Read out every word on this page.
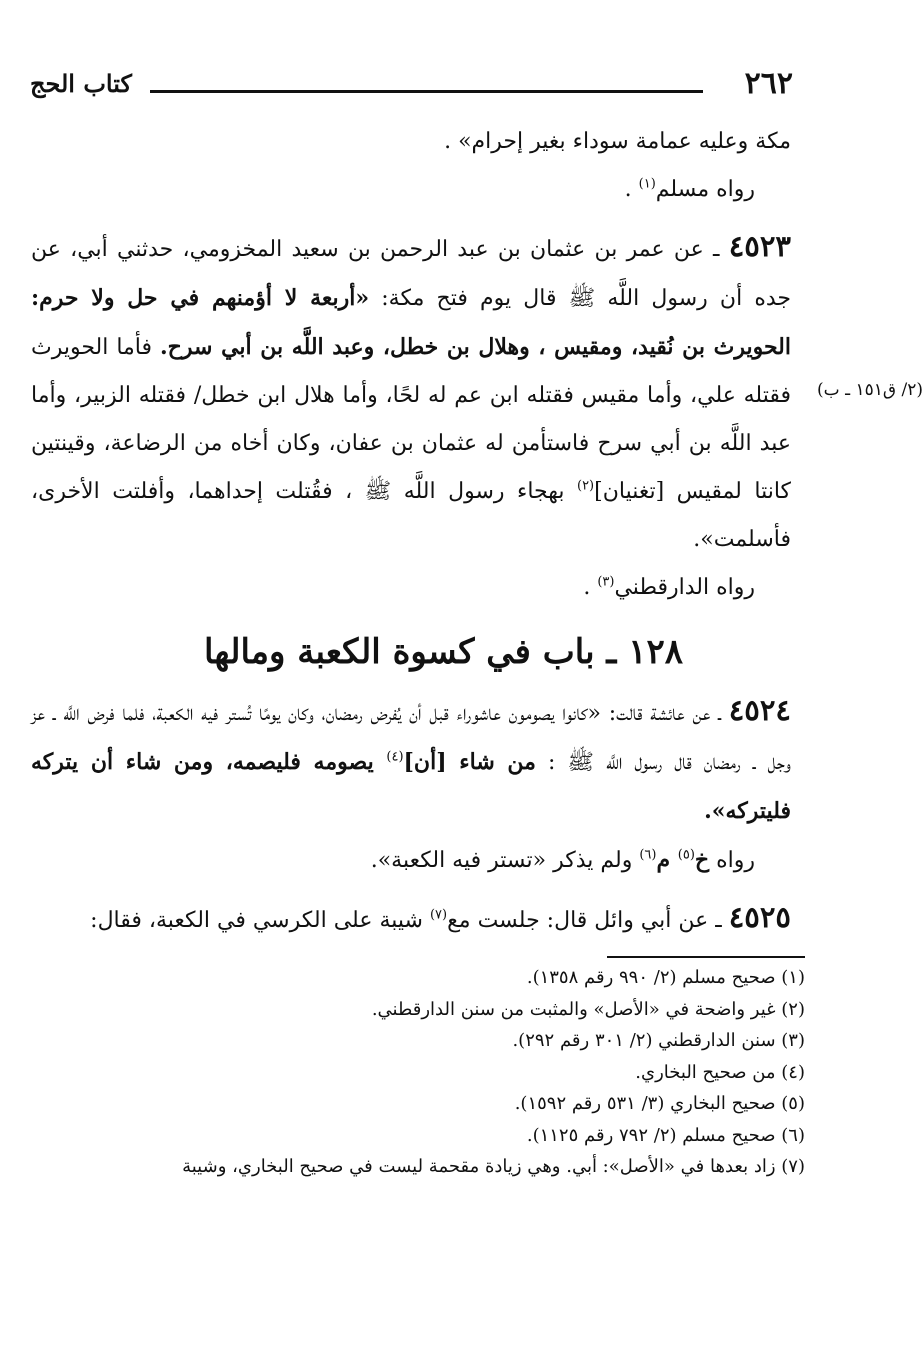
٢٦٢
كتاب الحج

مكة وعليه عمامة سوداء بغير إحرام» .

رواه مسلم$^{(١)}$ .

٤٥٢٣ ـ عن عمر بن عثمان بن عبد الرحمن بن سعيد المخزومي، حدثني أبي، عن جده أن رسول اللَّه ﷺ قال يوم فتح مكة: «أربعة لا أؤمنهم في حل ولا حرم: الحويرث بن نُقيد، ومقيس ، وهلال بن خطل، وعبد اللَّه بن أبي سرح. فأما الحويرث فقتله علي، وأما مقيس فقتله ابن عم له لحًا، وأما هلال ابن خطل/ فقتله الزبير، وأما عبد اللَّه بن أبي سرح فاستأمن له عثمان بن عفان، وكان أخاه من الرضاعة، وقينتين كانتا لمقيس [تغنيان]$^{(٢)}$ بهجاء رسول اللَّه ﷺ ، فقُتلت إحداهما، وأفلتت الأخرى، فأسلمت».
(٢/ ق١٥١ ـ ب)

رواه الدارقطني$^{(٣)}$ .

١٢٨ ـ باب في كسوة الكعبة ومالها

٤٥٢٤ ـ عن عائشة قالت: «كانوا يصومون عاشوراء قبل أن يُفرض رمضان، وكان يومًا تُستر فيه الكعبة، فلما فرض اللَّه ـ عز وجل ـ رمضان قال رسول اللَّه ﷺ : من شاء [أن]$^{(٤)}$ يصومه فليصمه، ومن شاء أن يتركه فليتركه».

رواه خ$^{(٥)}$ م$^{(٦)}$ ولم يذكر «تستر فيه الكعبة».

٤٥٢٥ ـ عن أبي وائل قال: جلست مع$^{(٧)}$ شيبة على الكرسي في الكعبة، فقال:

(١) صحيح مسلم (٢/ ٩٩٠ رقم ١٣٥٨).
(٢) غير واضحة في «الأصل» والمثبت من سنن الدارقطني.
(٣) سنن الدارقطني (٢/ ٣٠١ رقم ٢٩٢).
(٤) من صحيح البخاري.
(٥) صحيح البخاري (٣/ ٥٣١ رقم ١٥٩٢).
(٦) صحيح مسلم (٢/ ٧٩٢ رقم ١١٢٥).
(٧) زاد بعدها في «الأصل»: أبي. وهي زيادة مقحمة ليست في صحيح البخاري، وشيبة
